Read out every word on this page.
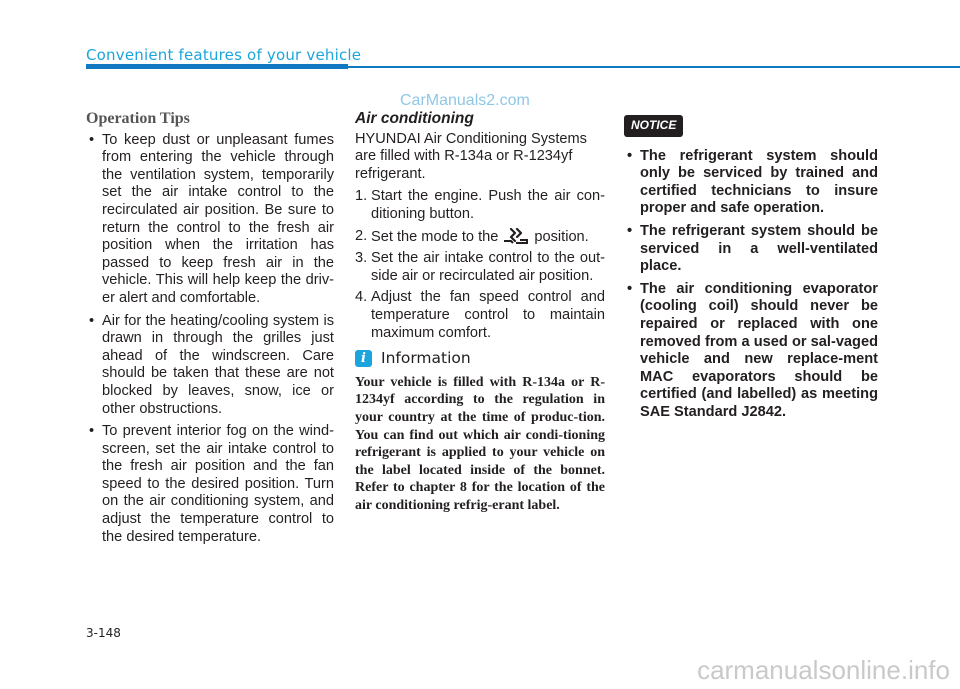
Convenient features of your vehicle
CarManuals2.com
Operation Tips
• To keep dust or unpleasant fumes from entering the vehicle through the ventilation system, temporarily set the air intake control to the recirculated air position. Be sure to return the control to the fresh air position when the irritation has passed to keep fresh air in the vehicle. This will help keep the driv-er alert and comfortable.
• Air for the heating/cooling system is drawn in through the grilles just ahead of the windscreen. Care should be taken that these are not blocked by leaves, snow, ice or other obstructions.
• To prevent interior fog on the wind-screen, set the air intake control to the fresh air position and the fan speed to the desired position. Turn on the air conditioning system, and adjust the temperature control to the desired temperature.
Air conditioning
HYUNDAI Air Conditioning Systems are filled with R-134a or R-1234yf refrigerant.
1. Start the engine. Push the air con-ditioning button.
2. Set the mode to the position.
3. Set the air intake control to the out-side air or recirculated air position.
4. Adjust the fan speed control and temperature control to maintain maximum comfort.
i Information
Your vehicle is filled with R-134a or R-1234yf according to the regulation in your country at the time of produc-tion. You can find out which air condi-tioning refrigerant is applied to your vehicle on the label located inside of the bonnet. Refer to chapter 8 for the location of the air conditioning refrig-erant label.
NOTICE
• The refrigerant system should only be serviced by trained and certified technicians to insure proper and safe operation.
• The refrigerant system should be serviced in a well-ventilated place.
• The air conditioning evaporator (cooling coil) should never be repaired or replaced with one removed from a used or sal-vaged vehicle and new replace-ment MAC evaporators should be certified (and labelled) as meeting SAE Standard J2842.
3-148
carmanualsonline.info
